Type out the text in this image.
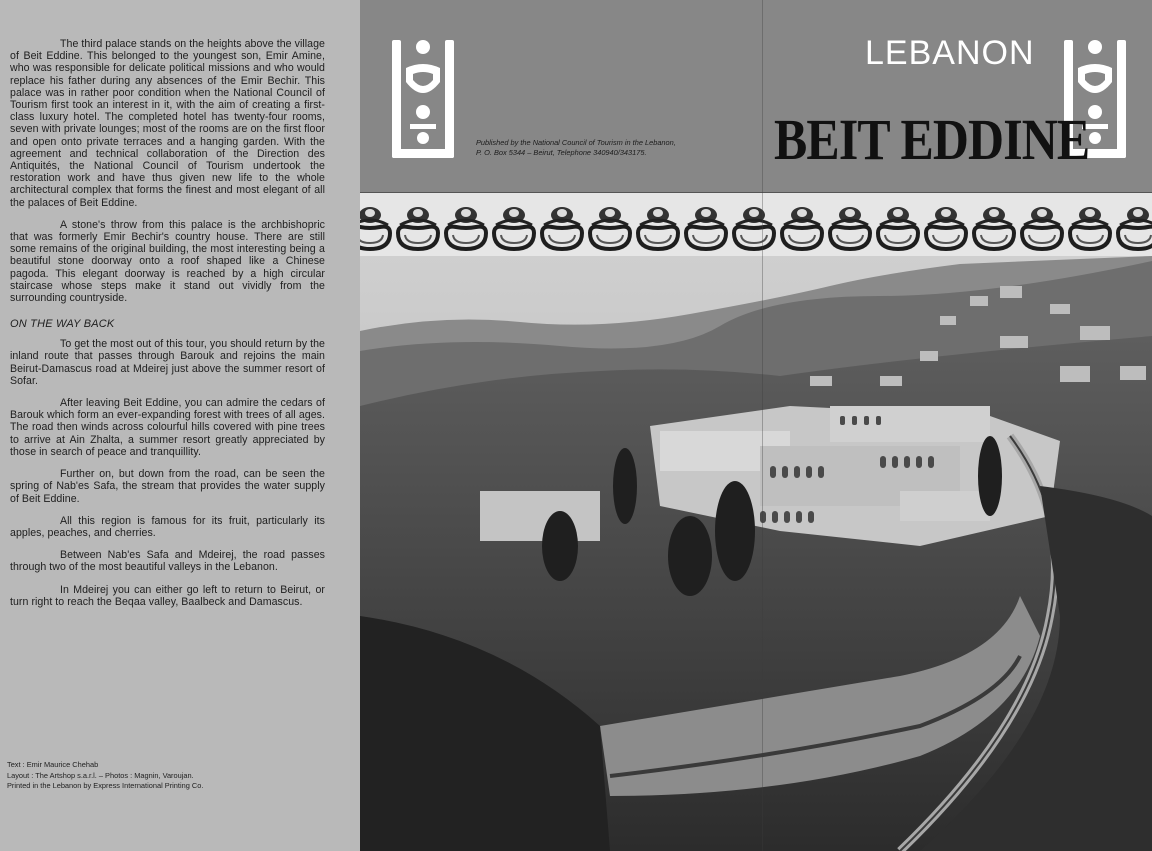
The third palace stands on the heights above the village of Beit Eddine. This belonged to the youngest son, Emir Amine, who was responsible for delicate political missions and who would replace his father during any absences of the Emir Bechir. This palace was in rather poor condition when the National Council of Tourism first took an interest in it, with the aim of creating a first-class luxury hotel. The completed hotel has twenty-four rooms, seven with private lounges; most of the rooms are on the first floor and open onto private terraces and a hanging garden. With the agreement and technical collaboration of the Direction des Antiquités, the National Council of Tourism undertook the restoration work and have thus given new life to the whole architectural complex that forms the finest and most elegant of all the palaces of Beit Eddine.

A stone's throw from this palace is the archbishopric that was formerly Emir Bechir's country house. There are still some remains of the original building, the most interesting being a beautiful stone doorway onto a roof shaped like a Chinese pagoda. This elegant doorway is reached by a high circular staircase whose steps make it stand out vividly from the surrounding countryside.

ON THE WAY BACK

To get the most out of this tour, you should return by the inland route that passes through Barouk and rejoins the main Beirut-Damascus road at Mdeirej just above the summer resort of Sofar.

After leaving Beit Eddine, you can admire the cedars of Barouk which form an ever-expanding forest with trees of all ages. The road then winds across colourful hills covered with pine trees to arrive at Ain Zhalta, a summer resort greatly appreciated by those in search of peace and tranquillity.

Further on, but down from the road, can be seen the spring of Nab'es Safa, the stream that provides the water supply of Beit Eddine.

All this region is famous for its fruit, particularly its apples, peaches, and cherries.

Between Nab'es Safa and Mdeirej, the road passes through two of the most beautiful valleys in the Lebanon.

In Mdeirej you can either go left to return to Beirut, or turn right to reach the Beqaa valley, Baalbeck and Damascus.

Text : Emir Maurice Chehab
Layout : The Artshop s.a.r.l. – Photos : Magnin, Varoujan.
Printed in the Lebanon by Express International Printing Co.
Published by the National Council of Tourism in the Lebanon,
P. O. Box 5344 – Beirut, Telephone 340940/343175.
LEBANON
BEIT EDDINE
